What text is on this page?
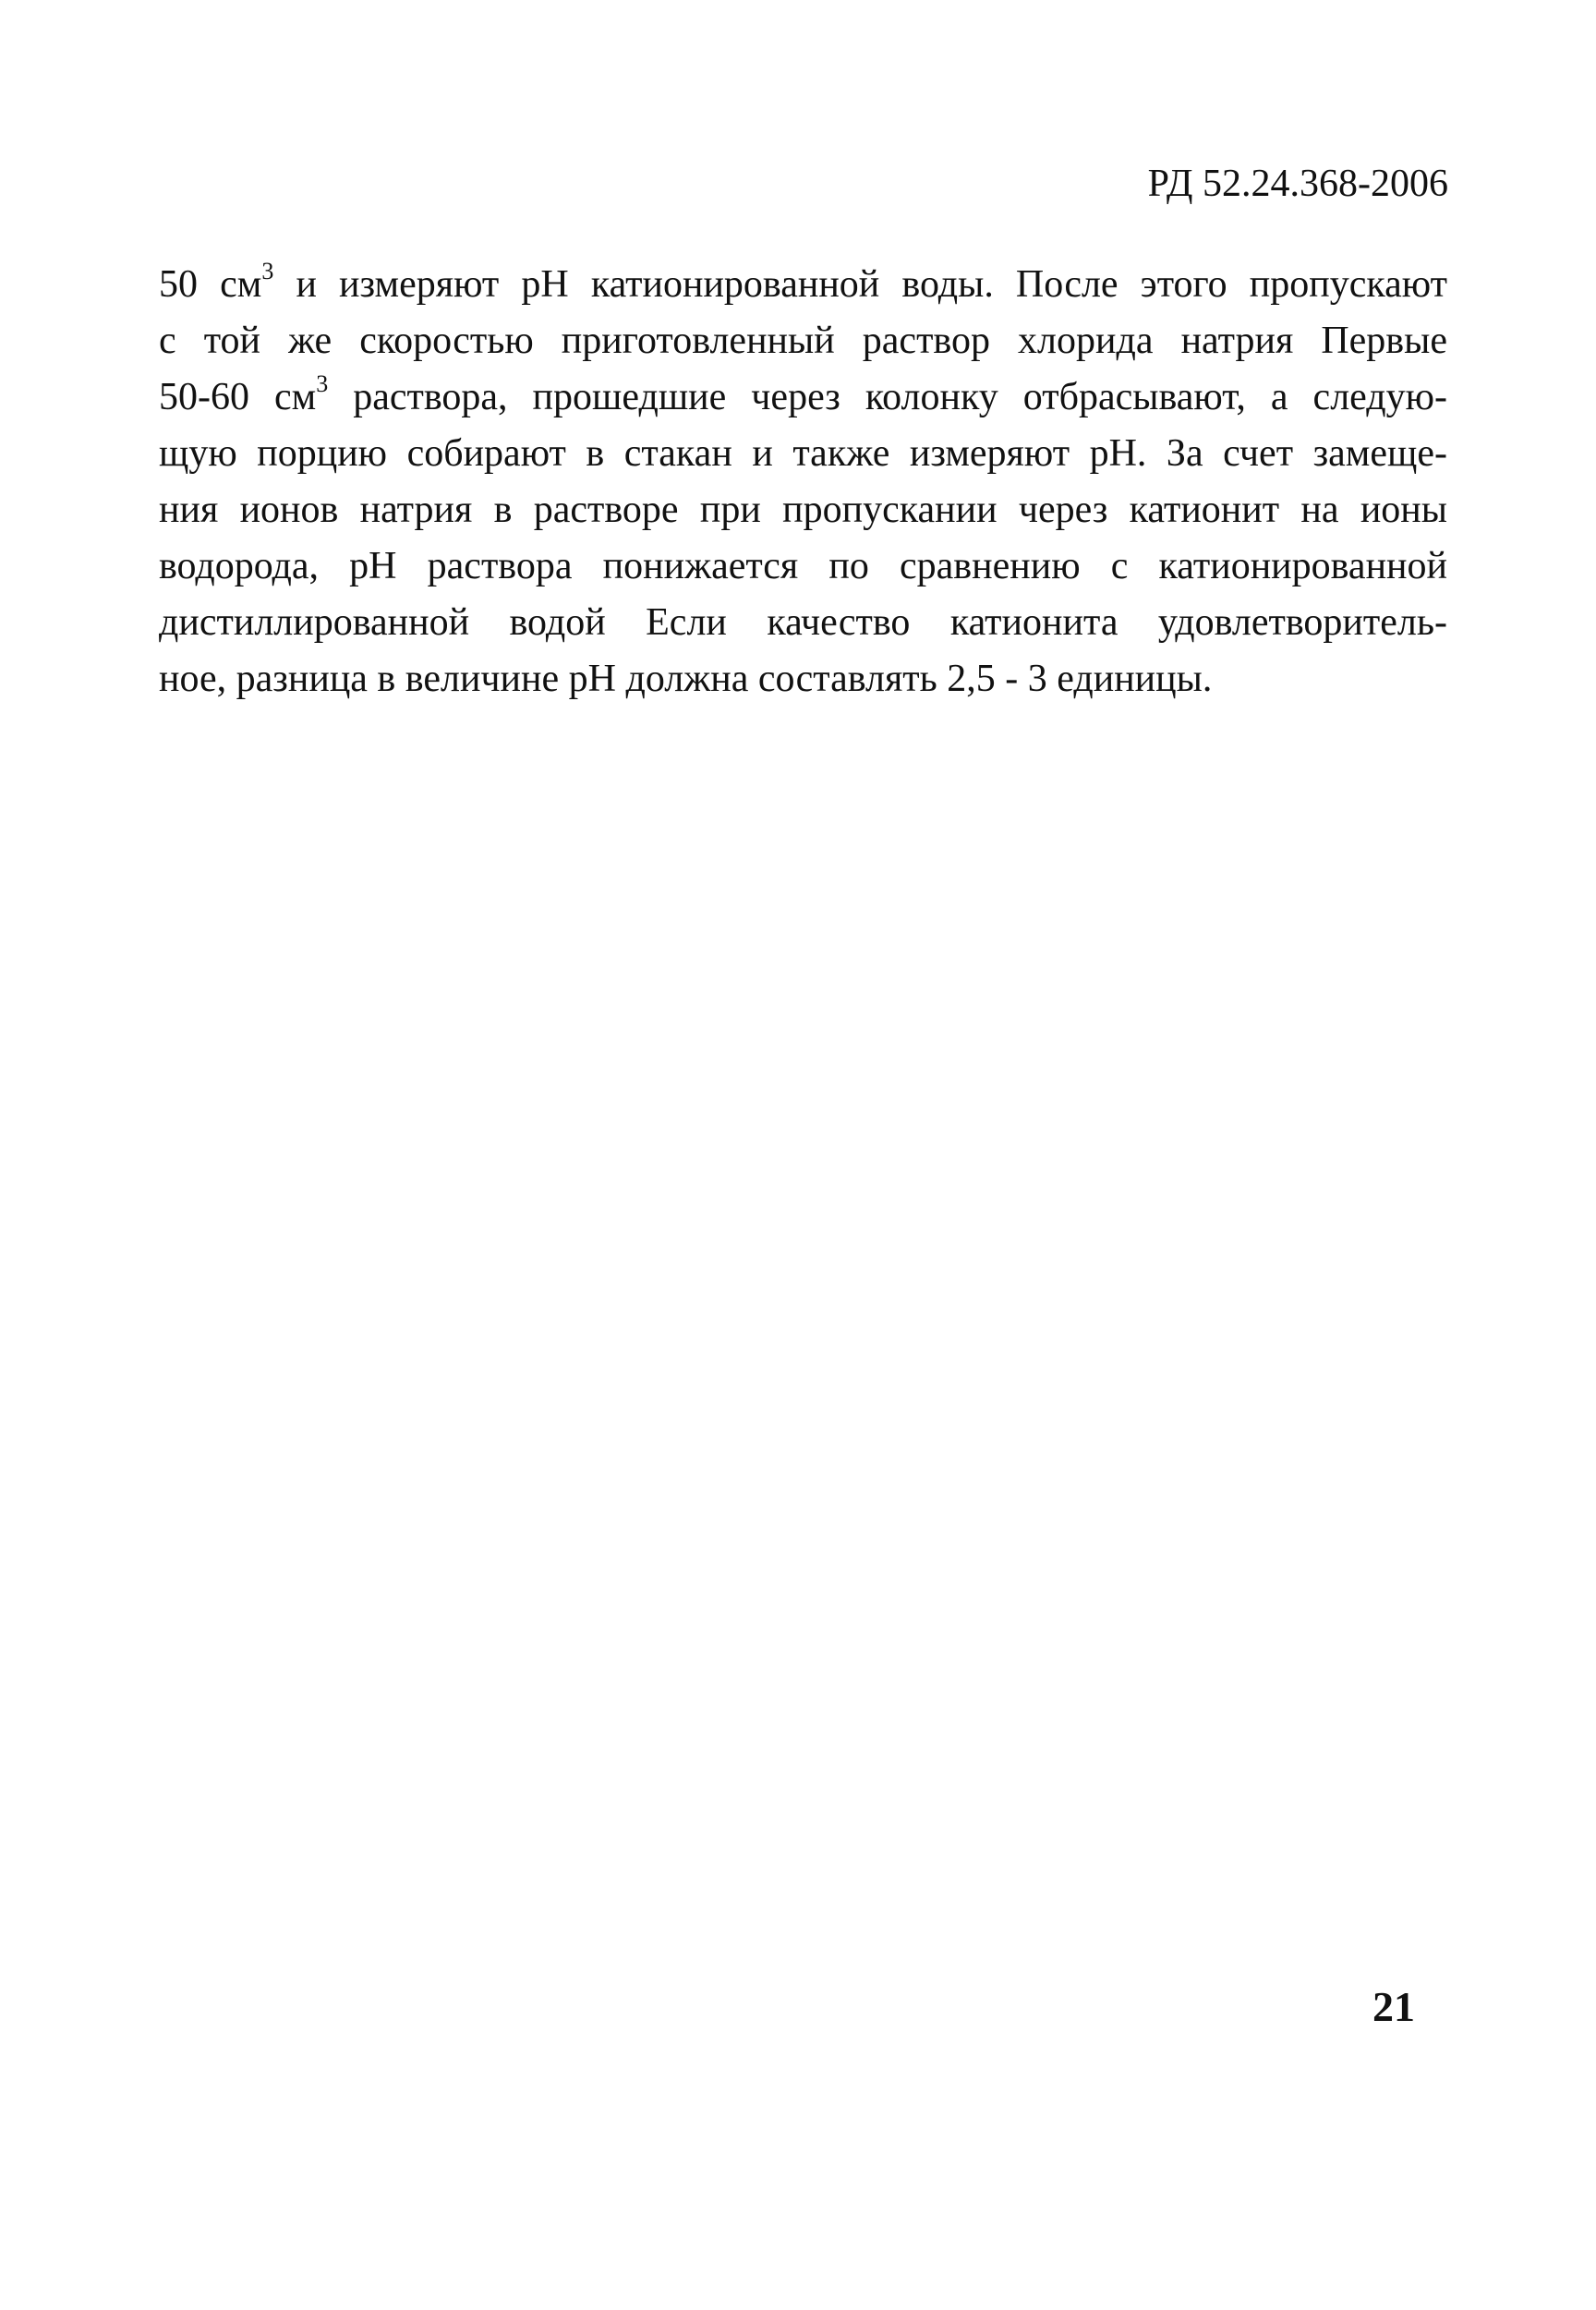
РД 52.24.368-2006
50 $см^3$ и измеряют рН катионированной воды. После этого пропускают
с той же скоростью приготовленный раствор хлорида натрия Первые
50-60 $см^3$ раствора, прошедшие через колонку отбрасывают, а следую-
щую порцию собирают в стакан и также измеряют рН. За счет замеще-
ния ионов натрия в растворе при пропускании через катионит на ионы
водорода, рН раствора понижается по сравнению с катионированной
дистиллированной водой Если качество катионита удовлетворитель-
ное, разница в величине рН должна составлять 2,5 - 3 единицы.
21
